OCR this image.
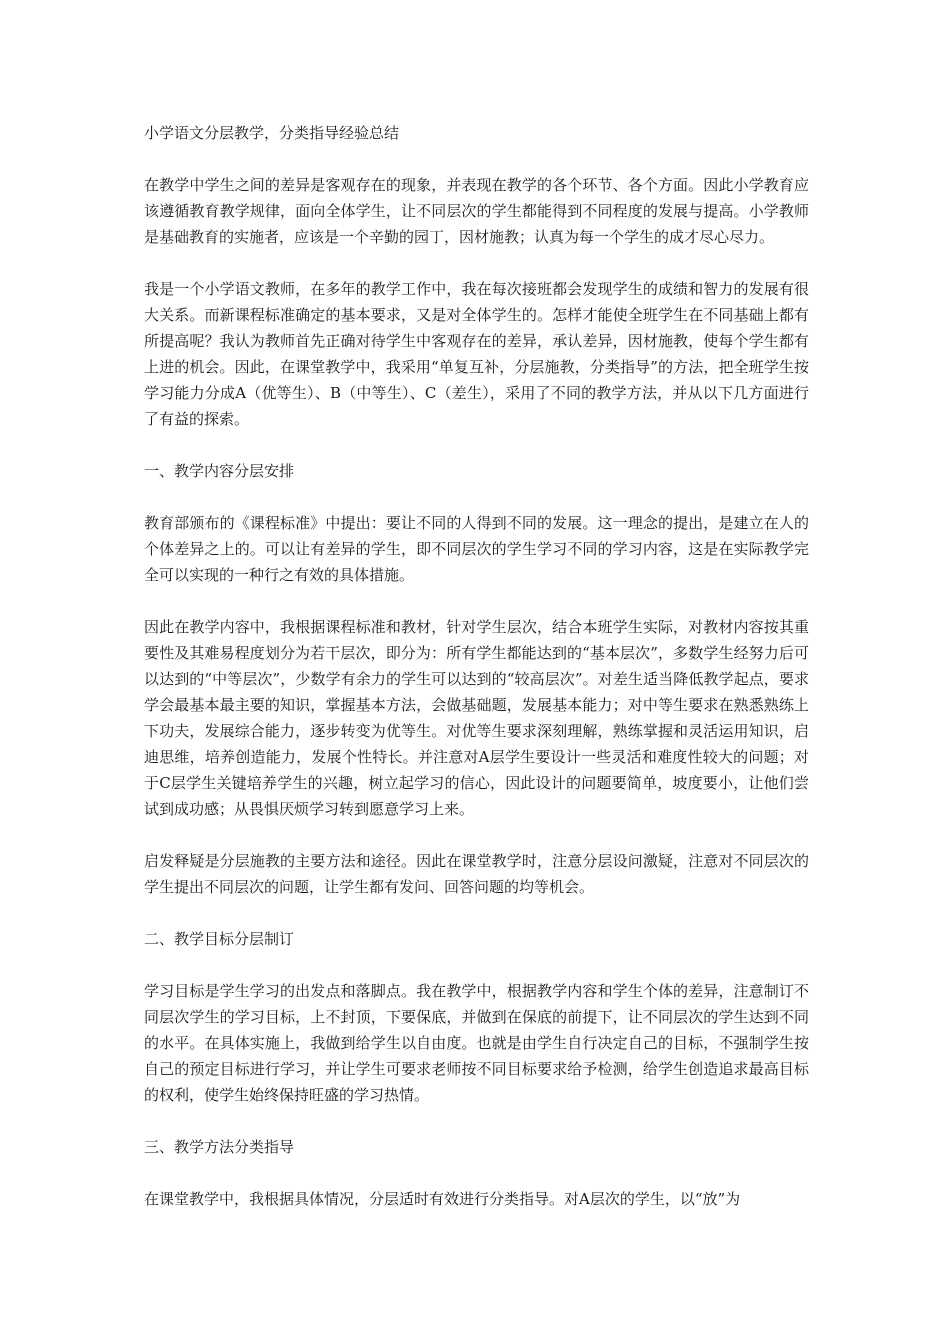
小学语文分层教学，分类指导经验总结

在教学中学生之间的差异是客观存在的现象，并表现在教学的各个环节、各个方面。因此小学教育应该遵循教育教学规律，面向全体学生，让不同层次的学生都能得到不同程度的发展与提高。小学教师是基础教育的实施者，应该是一个辛勤的园丁，因材施教；认真为每一个学生的成才尽心尽力。

我是一个小学语文教师，在多年的教学工作中，我在每次接班都会发现学生的成绩和智力的发展有很大关系。而新课程标准确定的基本要求，又是对全体学生的。怎样才能使全班学生在不同基础上都有所提高呢？我认为教师首先正确对待学生中客观存在的差异，承认差异，因材施教，使每个学生都有上进的机会。因此，在课堂教学中，我采用“单复互补，分层施教，分类指导”的方法，把全班学生按学习能力分成A（优等生）、B（中等生）、C（差生），采用了不同的教学方法，并从以下几方面进行了有益的探索。

一、教学内容分层安排

教育部颁布的《课程标准》中提出：要让不同的人得到不同的发展。这一理念的提出，是建立在人的个体差异之上的。可以让有差异的学生，即不同层次的学生学习不同的学习内容，这是在实际教学完全可以实现的一种行之有效的具体措施。

因此在教学内容中，我根据课程标准和教材，针对学生层次，结合本班学生实际，对教材内容按其重要性及其难易程度划分为若干层次，即分为：所有学生都能达到的“基本层次”，多数学生经努力后可以达到的“中等层次”，少数学有余力的学生可以达到的“较高层次”。对差生适当降低教学起点，要求学会最基本最主要的知识，掌握基本方法，会做基础题，发展基本能力；对中等生要求在熟悉熟练上下功夫，发展综合能力，逐步转变为优等生。对优等生要求深刻理解，熟练掌握和灵活运用知识，启迪思维，培养创造能力，发展个性特长。并注意对A层学生要设计一些灵活和难度性较大的问题；对于C层学生关键培养学生的兴趣，树立起学习的信心，因此设计的问题要简单，坡度要小，让他们尝试到成功感；从畏惧厌烦学习转到愿意学习上来。

启发释疑是分层施教的主要方法和途径。因此在课堂教学时，注意分层设问激疑，注意对不同层次的学生提出不同层次的问题，让学生都有发问、回答问题的均等机会。

二、教学目标分层制订

学习目标是学生学习的出发点和落脚点。我在教学中，根据教学内容和学生个体的差异，注意制订不同层次学生的学习目标，上不封顶，下要保底，并做到在保底的前提下，让不同层次的学生达到不同的水平。在具体实施上，我做到给学生以自由度。也就是由学生自行决定自己的目标，不强制学生按自己的预定目标进行学习，并让学生可要求老师按不同目标要求给予检测，给学生创造追求最高目标的权利，使学生始终保持旺盛的学习热情。

三、教学方法分类指导

在课堂教学中，我根据具体情况，分层适时有效进行分类指导。对A层次的学生，以“放”为
